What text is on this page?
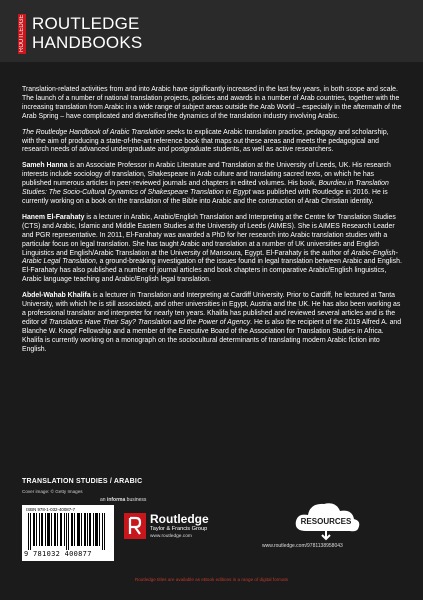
ROUTLEDGE ROUTLEDGE
HANDBOOKS

Translation-related activities from and into Arabic have significantly increased in the last few years, in both scope and scale. The launch of a number of national translation projects, policies and awards in a number of Arab countries, together with the increasing translation from Arabic in a wide range of subject areas outside the Arab World – especially in the aftermath of the Arab Spring – have complicated and diversified the dynamics of the translation industry involving Arabic.

The Routledge Handbook of Arabic Translation seeks to explicate Arabic translation practice, pedagogy and scholarship, with the aim of producing a state-of-the-art reference book that maps out these areas and meets the pedagogical and research needs of advanced undergraduate and postgraduate students, as well as active researchers.

Sameh Hanna is an Associate Professor in Arabic Literature and Translation at the University of Leeds, UK. His research interests include sociology of translation, Shakespeare in Arab culture and translating sacred texts, on which he has published numerous articles in peer-reviewed journals and chapters in edited volumes. His book, Bourdieu in Translation Studies: The Socio-Cultural Dynamics of Shakespeare Translation in Egypt was published with Routledge in 2016. He is currently working on a book on the translation of the Bible into Arabic and the construction of Arab Christian identity.

Hanem El-Farahaty is a lecturer in Arabic, Arabic/English Translation and Interpreting at the Centre for Translation Studies (CTS) and Arabic, Islamic and Middle Eastern Studies at the University of Leeds (AIMES). She is AIMES Research Leader and PGR representative. In 2011, El-Farahaty was awarded a PhD for her research into Arabic translation studies with a particular focus on legal translation. She has taught Arabic and translation at a number of UK universities and English Linguistics and English/Arabic Translation at the University of Mansoura, Egypt. El-Farahaty is the author of Arabic-English-Arabic Legal Translation, a ground-breaking investigation of the issues found in legal translation between Arabic and English. El-Farahaty has also published a number of journal articles and book chapters in comparative Arabic/English linguistics, Arabic language teaching and Arabic/English legal translation.

Abdel-Wahab Khalifa is a lecturer in Translation and Interpreting at Cardiff University. Prior to Cardiff, he lectured at Tanta University, with which he is still associated, and other universities in Egypt, Austria and the UK. He has also been working as a professional translator and interpreter for nearly ten years. Khalifa has published and reviewed several articles and is the editor of Translators Have Their Say? Translation and the Power of Agency. He is also the recipient of the 2019 Alfred A. and Blanche W. Knopf Fellowship and a member of the Executive Board of the Association for Translation Studies in Africa. Khalifa is currently working on a monograph on the sociocultural determinants of translating modern Arabic fiction into English.

TRANSLATION STUDIES / ARABIC
Cover image: © Getty Images
an informa business
ISBN 978-1-032-40087-7
9 781032 400877
Routledge
Taylor & Francis Group
www.routledge.com
RESOURCES
www.routledge.com/9781138958043
Routledge titles are available as eBook editions in a range of digital formats
